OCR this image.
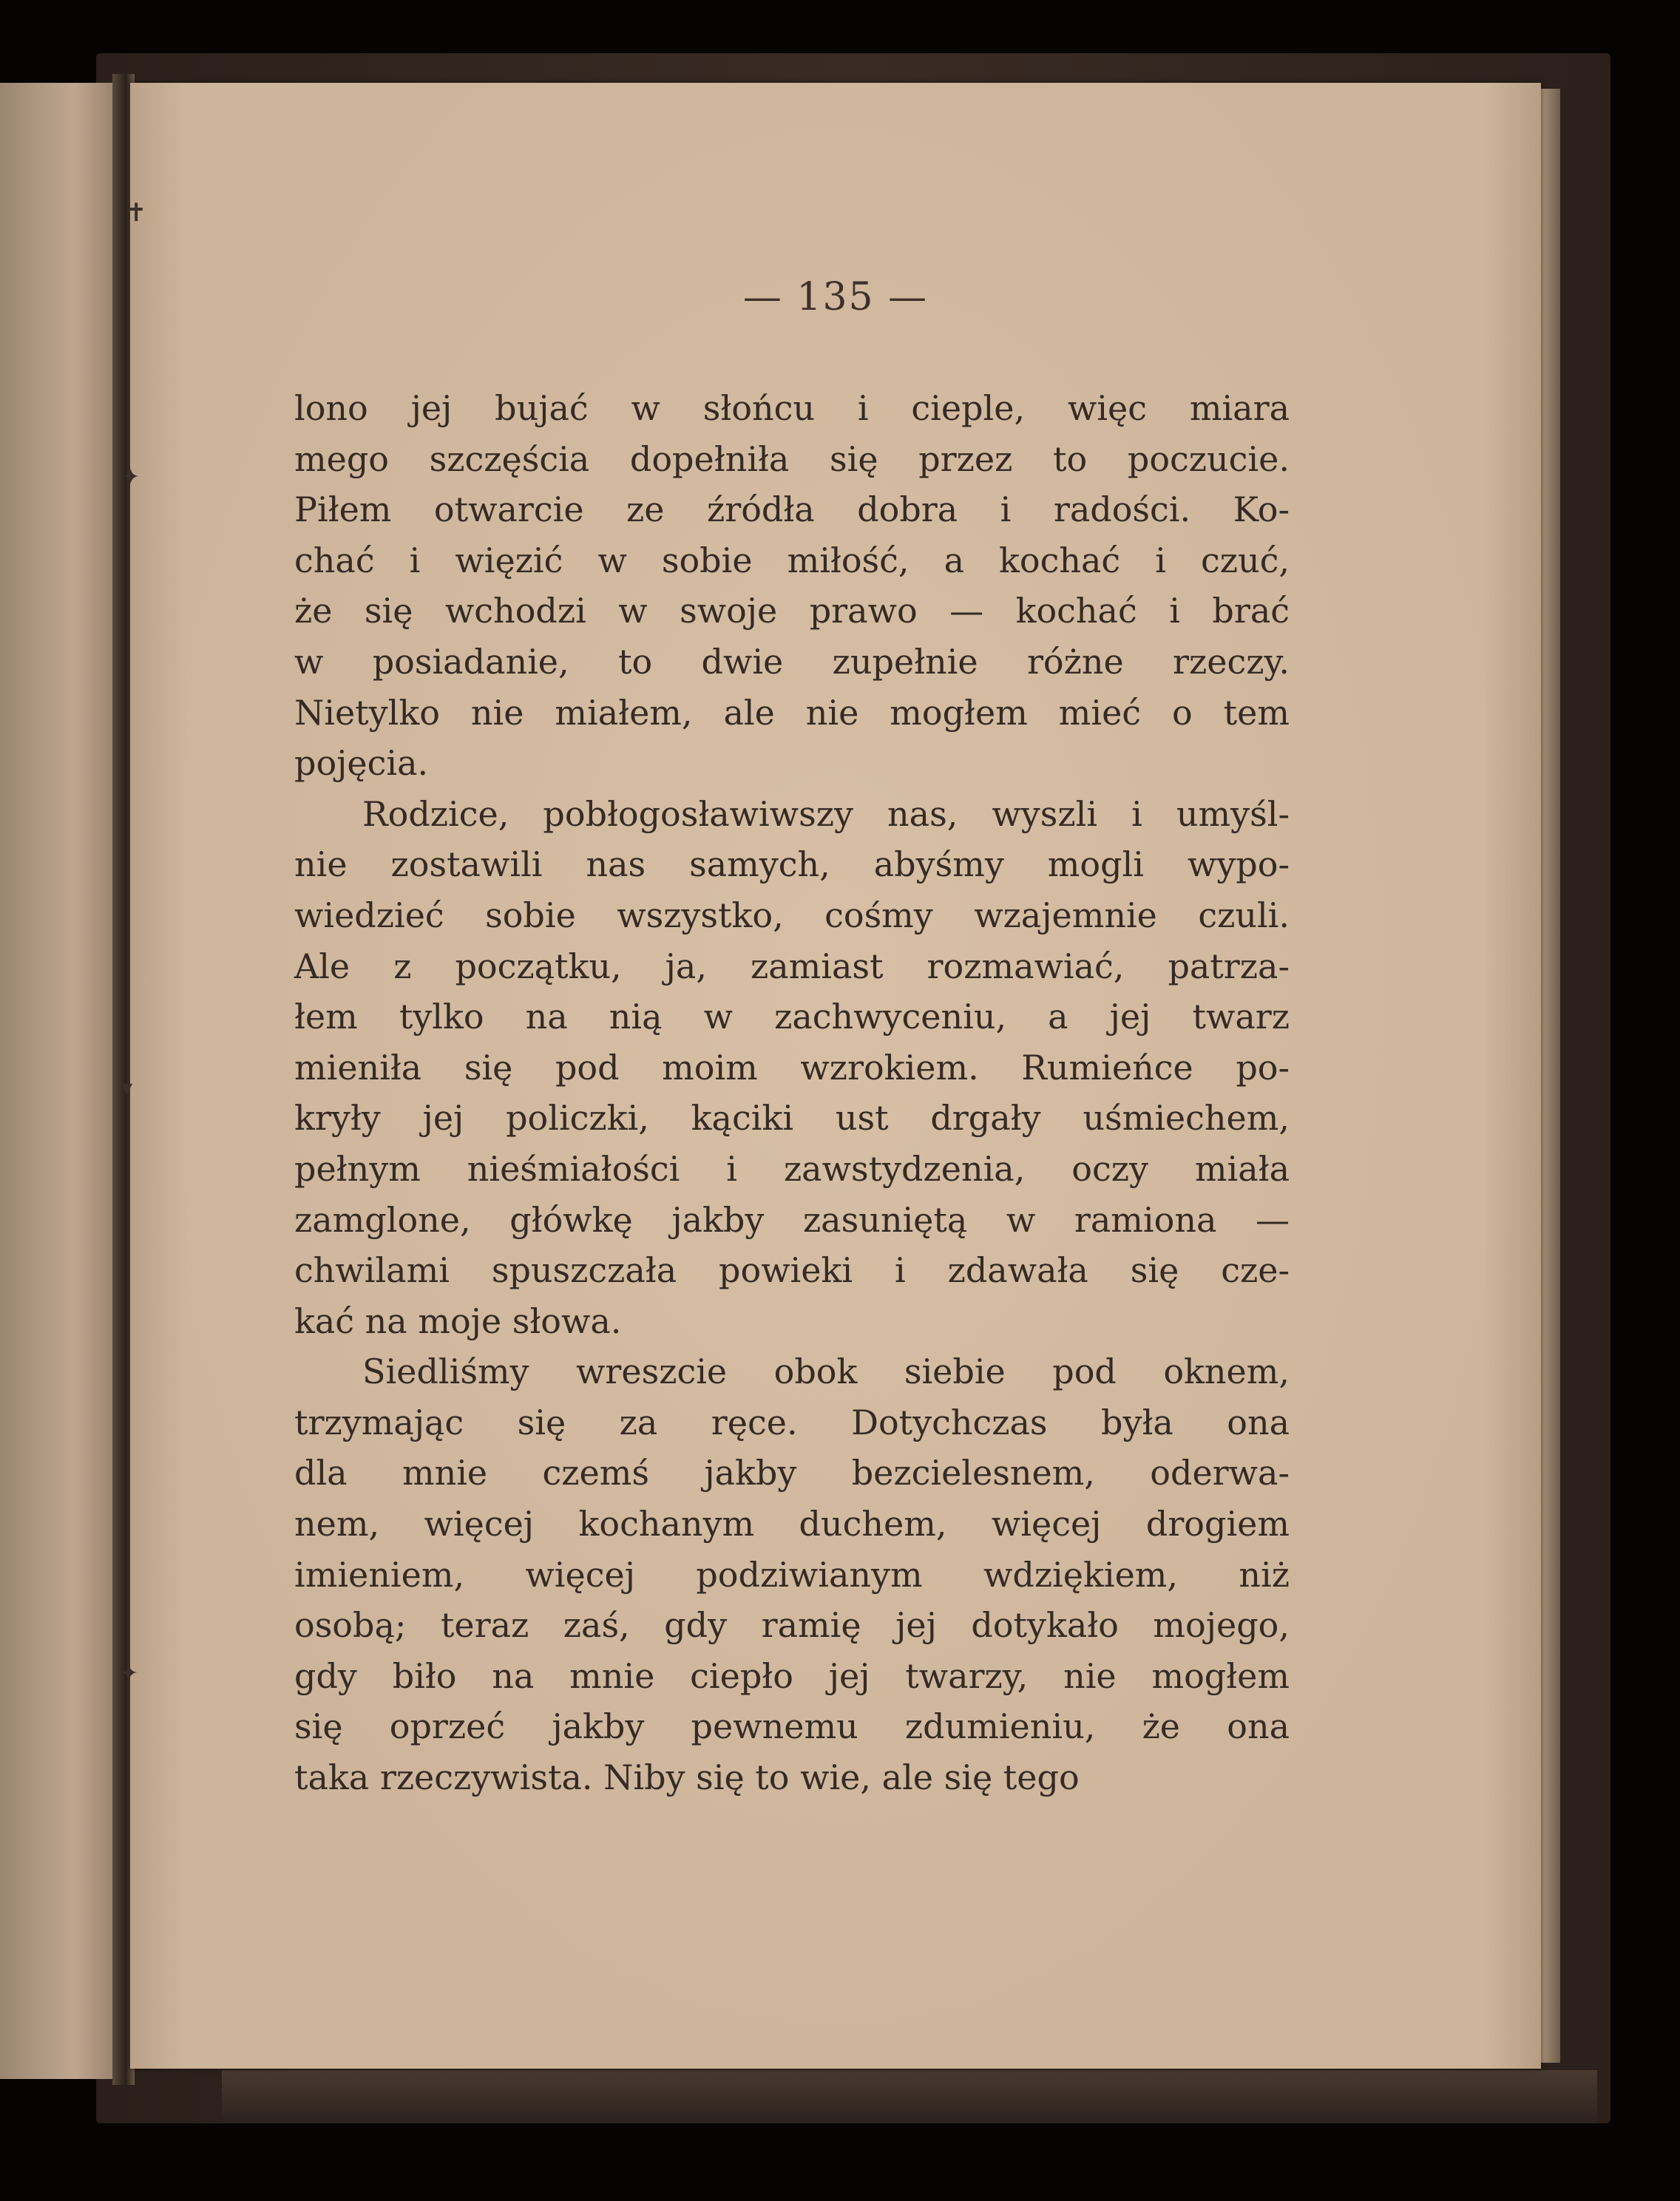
✝
✦
▾
✦
— 135 —
lono jej bujać w słońcu i cieple, więc miara
mego szczęścia dopełniła się przez to poczucie.
Piłem otwarcie ze źródła dobra i radości. Ko-
chać i więzić w sobie miłość, a kochać i czuć,
że się wchodzi w swoje prawo — kochać i brać
w posiadanie, to dwie zupełnie różne rzeczy.
Nietylko nie miałem, ale nie mogłem mieć o tem
pojęcia.
Rodzice, pobłogosławiwszy nas, wyszli i umyśl-
nie zostawili nas samych, abyśmy mogli wypo-
wiedzieć sobie wszystko, cośmy wzajemnie czuli.
Ale z początku, ja, zamiast rozmawiać, patrza-
łem tylko na nią w zachwyceniu, a jej twarz
mieniła się pod moim wzrokiem. Rumieńce po-
kryły jej policzki, kąciki ust drgały uśmiechem,
pełnym nieśmiałości i zawstydzenia, oczy miała
zamglone, główkę jakby zasuniętą w ramiona —
chwilami spuszczała powieki i zdawała się cze-
kać na moje słowa.
Siedliśmy wreszcie obok siebie pod oknem,
trzymając się za ręce. Dotychczas była ona
dla mnie czemś jakby bezcielesnem, oderwa-
nem, więcej kochanym duchem, więcej drogiem
imieniem, więcej podziwianym wdziękiem, niż
osobą; teraz zaś, gdy ramię jej dotykało mojego,
gdy biło na mnie ciepło jej twarzy, nie mogłem
się oprzeć jakby pewnemu zdumieniu, że ona
taka rzeczywista. Niby się to wie, ale się tego
